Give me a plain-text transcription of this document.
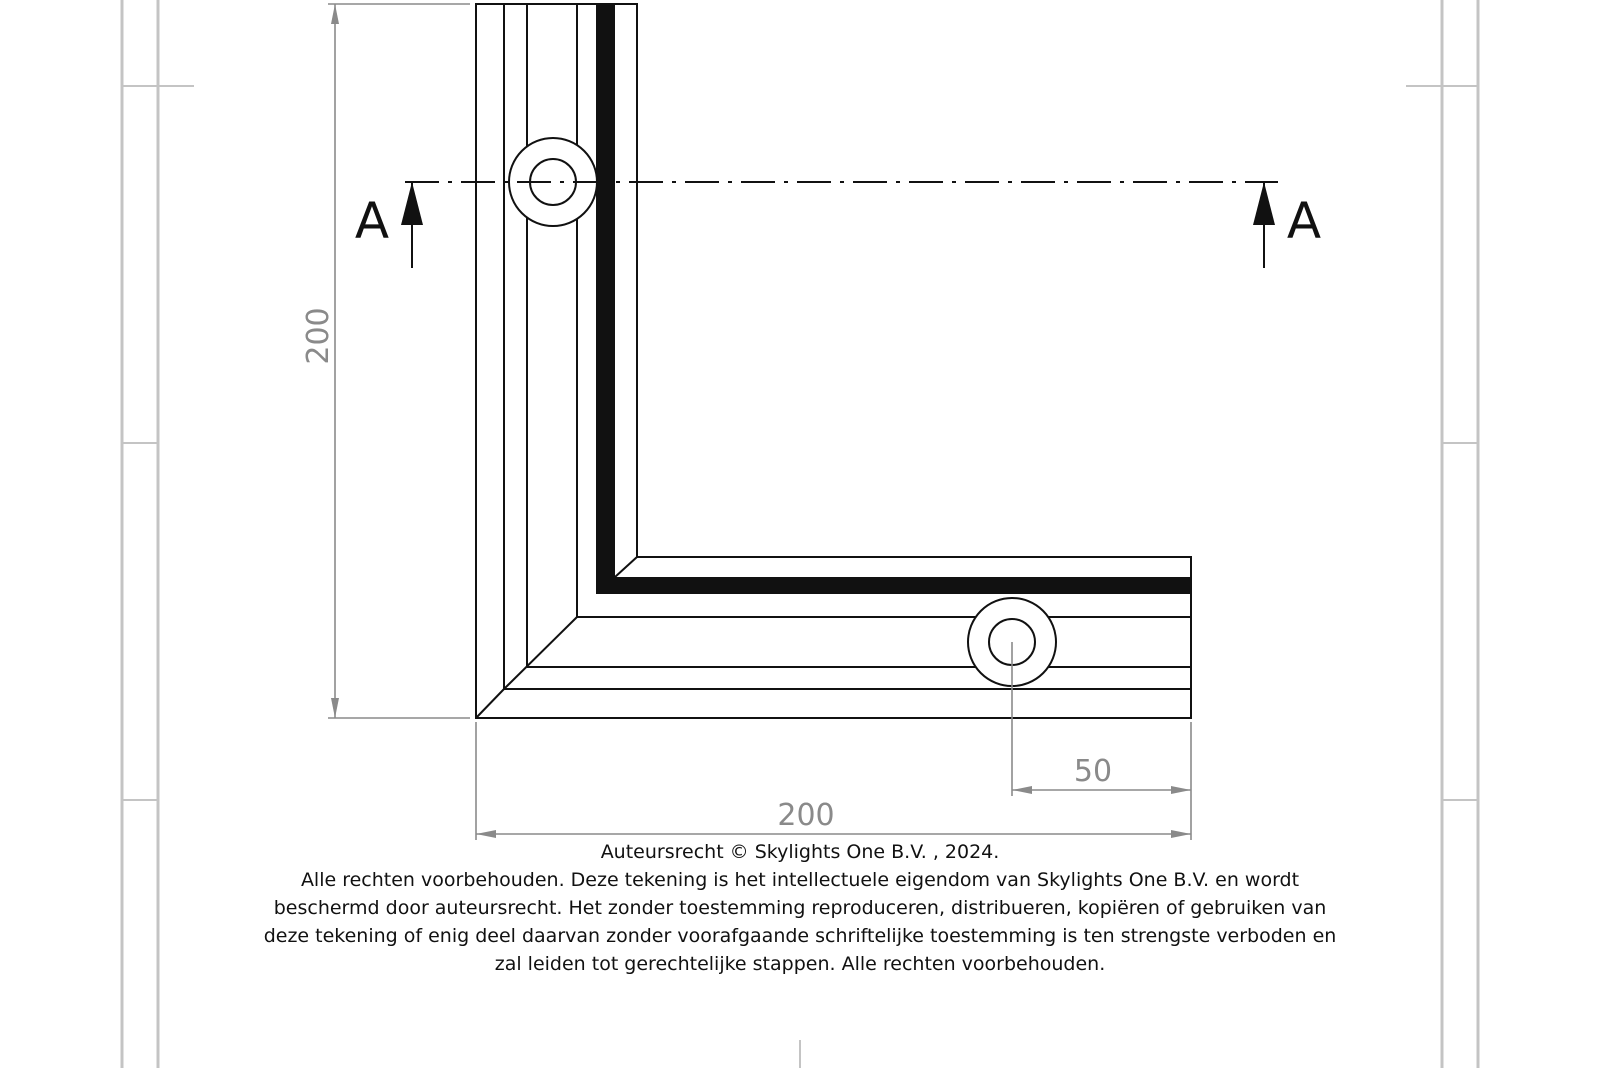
A	A
200
200
50
Auteursrecht © Skylights One B.V. , 2024.
Alle rechten voorbehouden. Deze tekening is het intellectuele eigendom van Skylights One B.V. en wordt
beschermd door auteursrecht. Het zonder toestemming reproduceren, distribueren, kopiëren of gebruiken van
deze tekening of enig deel daarvan zonder voorafgaande schriftelijke toestemming is ten strengste verboden en
zal leiden tot gerechtelijke stappen. Alle rechten voorbehouden.
